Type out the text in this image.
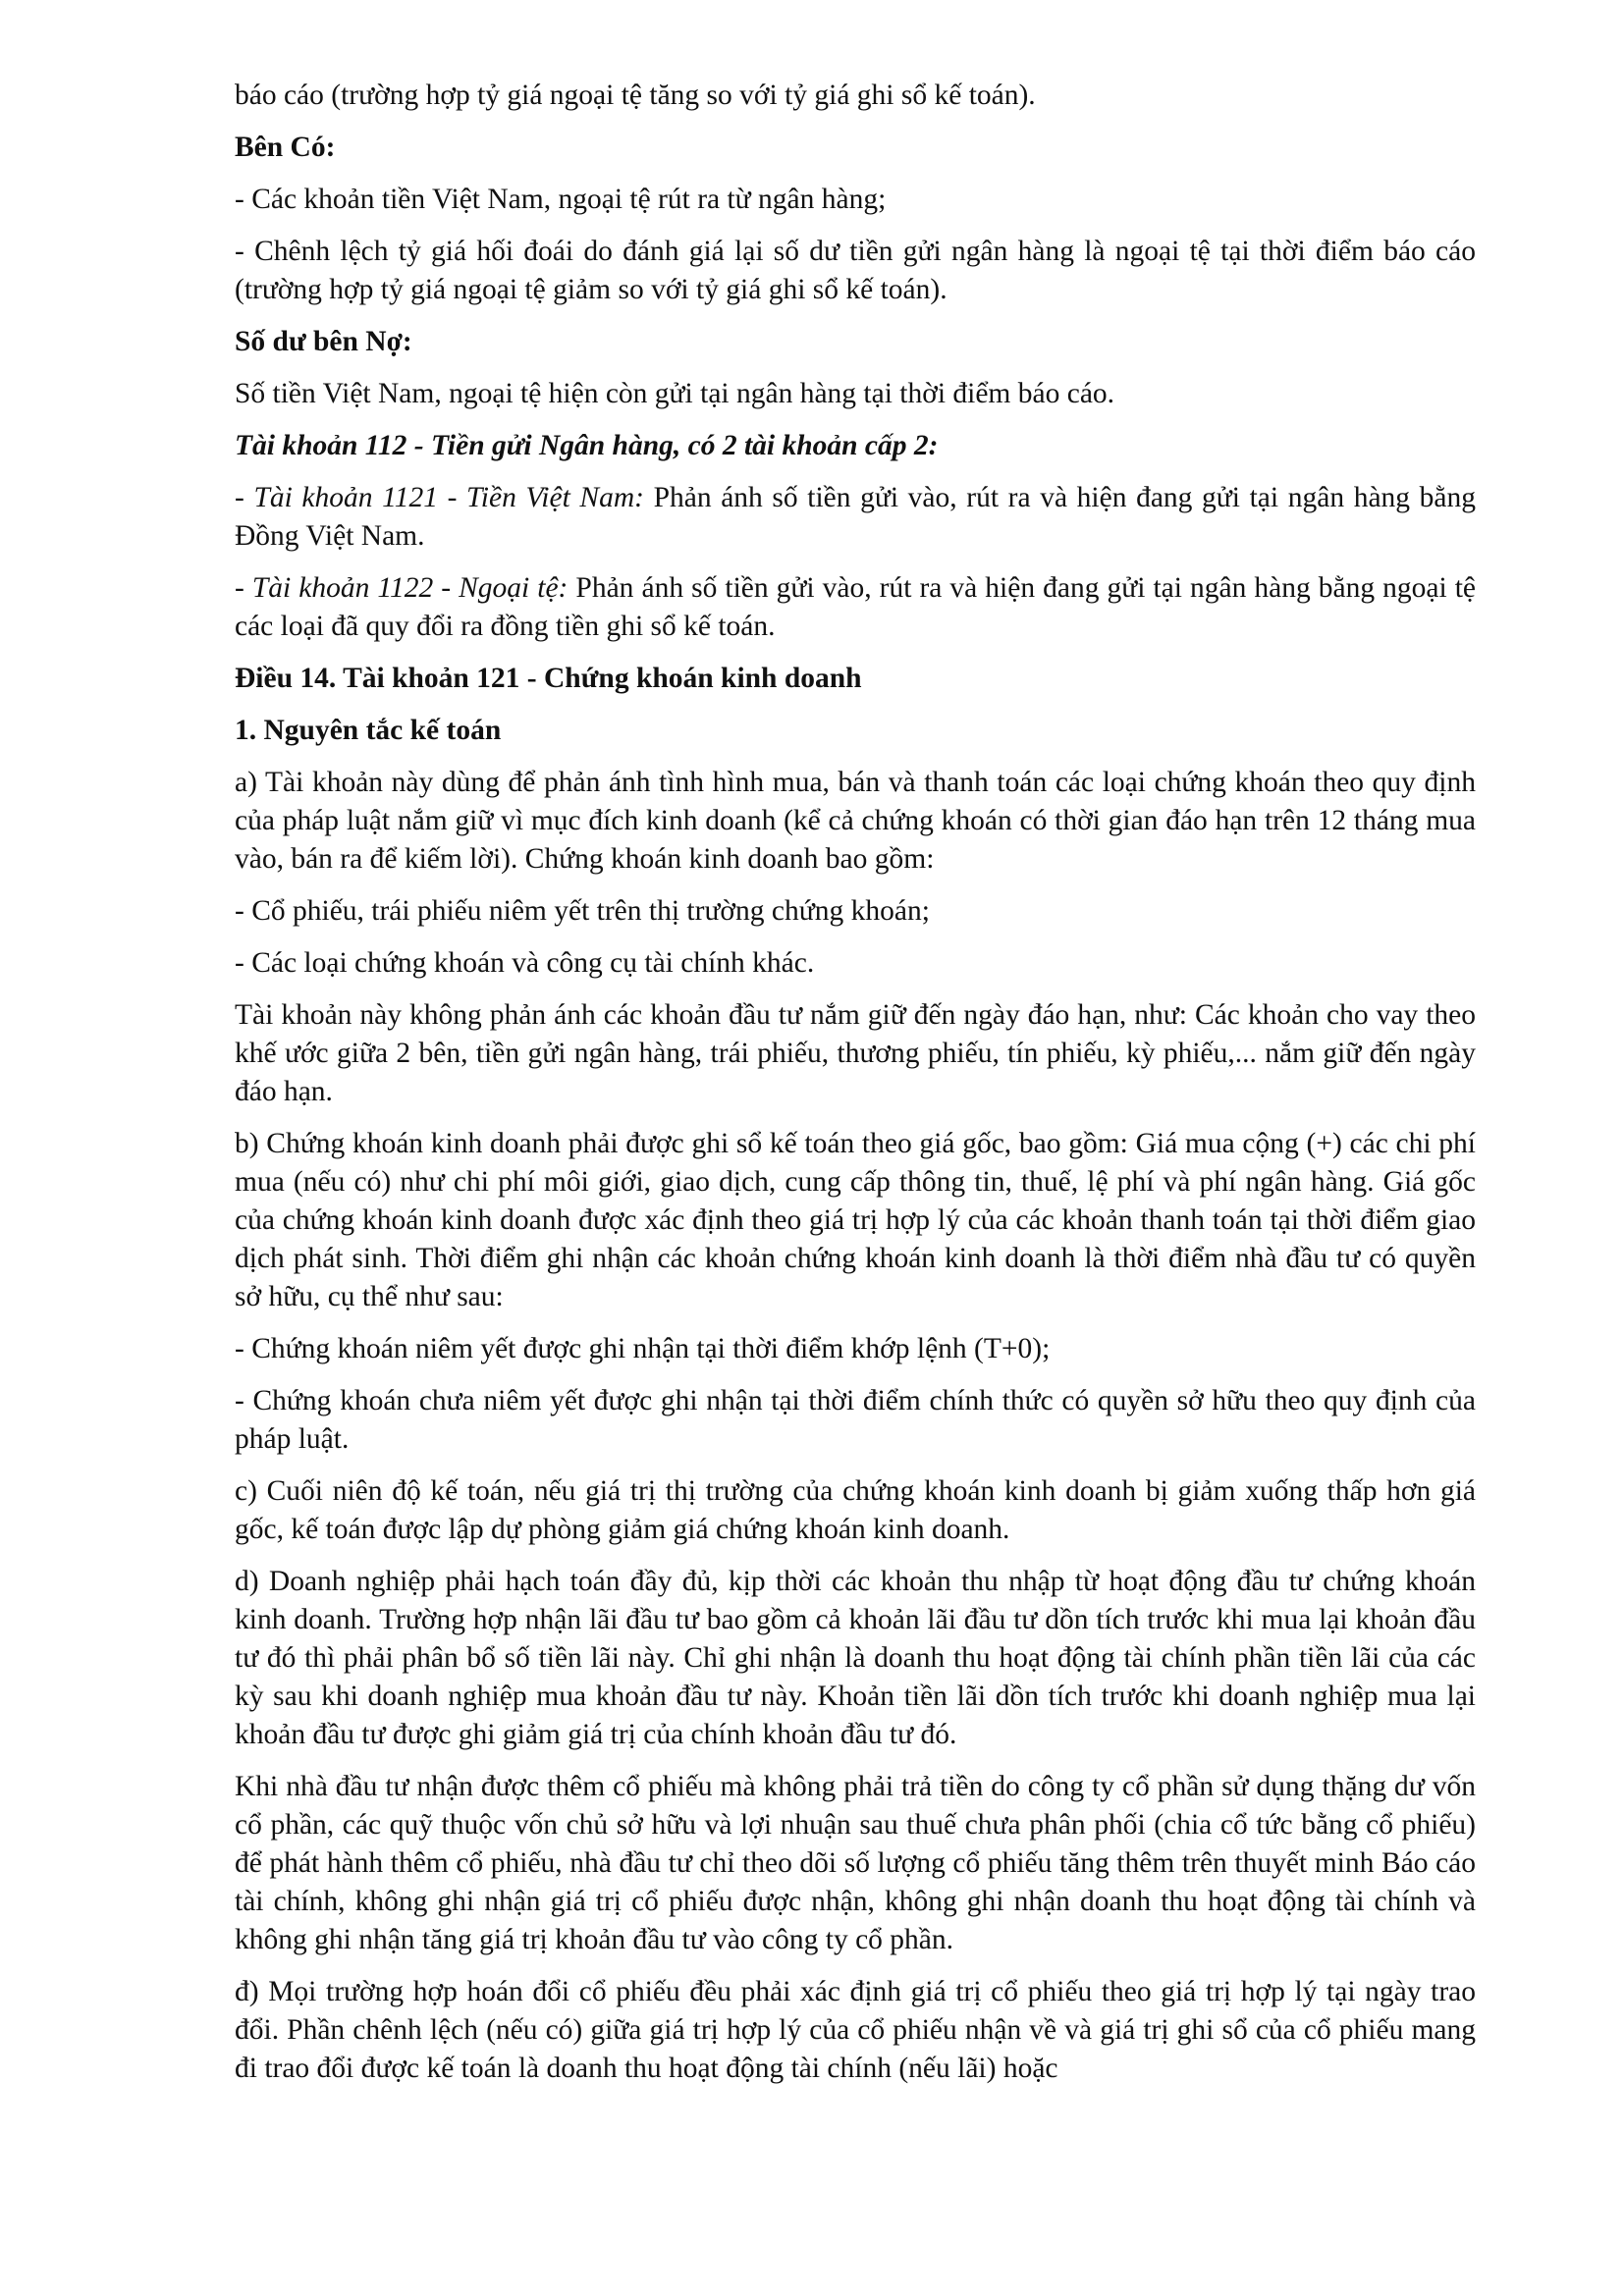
báo cáo (trường hợp tỷ giá ngoại tệ tăng so với tỷ giá ghi sổ kế toán).

Bên Có:

- Các khoản tiền Việt Nam, ngoại tệ rút ra từ ngân hàng;

- Chênh lệch tỷ giá hối đoái do đánh giá lại số dư tiền gửi ngân hàng là ngoại tệ tại thời điểm báo cáo (trường hợp tỷ giá ngoại tệ giảm so với tỷ giá ghi sổ kế toán).

Số dư bên Nợ:

Số tiền Việt Nam, ngoại tệ hiện còn gửi tại ngân hàng tại thời điểm báo cáo.

Tài khoản 112 - Tiền gửi Ngân hàng, có 2 tài khoản cấp 2:

- Tài khoản 1121 - Tiền Việt Nam: Phản ánh số tiền gửi vào, rút ra và hiện đang gửi tại ngân hàng bằng Đồng Việt Nam.

- Tài khoản 1122 - Ngoại tệ: Phản ánh số tiền gửi vào, rút ra và hiện đang gửi tại ngân hàng bằng ngoại tệ các loại đã quy đổi ra đồng tiền ghi sổ kế toán.

Điều 14. Tài khoản 121 - Chứng khoán kinh doanh

1. Nguyên tắc kế toán

a) Tài khoản này dùng để phản ánh tình hình mua, bán và thanh toán các loại chứng khoán theo quy định của pháp luật nắm giữ vì mục đích kinh doanh (kể cả chứng khoán có thời gian đáo hạn trên 12 tháng mua vào, bán ra để kiếm lời). Chứng khoán kinh doanh bao gồm:

- Cổ phiếu, trái phiếu niêm yết trên thị trường chứng khoán;

- Các loại chứng khoán và công cụ tài chính khác.

Tài khoản này không phản ánh các khoản đầu tư nắm giữ đến ngày đáo hạn, như: Các khoản cho vay theo khế ước giữa 2 bên, tiền gửi ngân hàng, trái phiếu, thương phiếu, tín phiếu, kỳ phiếu,... nắm giữ đến ngày đáo hạn.

b) Chứng khoán kinh doanh phải được ghi sổ kế toán theo giá gốc, bao gồm: Giá mua cộng (+) các chi phí mua (nếu có) như chi phí môi giới, giao dịch, cung cấp thông tin, thuế, lệ phí và phí ngân hàng. Giá gốc của chứng khoán kinh doanh được xác định theo giá trị hợp lý của các khoản thanh toán tại thời điểm giao dịch phát sinh. Thời điểm ghi nhận các khoản chứng khoán kinh doanh là thời điểm nhà đầu tư có quyền sở hữu, cụ thể như sau:

- Chứng khoán niêm yết được ghi nhận tại thời điểm khớp lệnh (T+0);

- Chứng khoán chưa niêm yết được ghi nhận tại thời điểm chính thức có quyền sở hữu theo quy định của pháp luật.

c) Cuối niên độ kế toán, nếu giá trị thị trường của chứng khoán kinh doanh bị giảm xuống thấp hơn giá gốc, kế toán được lập dự phòng giảm giá chứng khoán kinh doanh.

d) Doanh nghiệp phải hạch toán đầy đủ, kịp thời các khoản thu nhập từ hoạt động đầu tư chứng khoán kinh doanh. Trường hợp nhận lãi đầu tư bao gồm cả khoản lãi đầu tư dồn tích trước khi mua lại khoản đầu tư đó thì phải phân bổ số tiền lãi này. Chỉ ghi nhận là doanh thu hoạt động tài chính phần tiền lãi của các kỳ sau khi doanh nghiệp mua khoản đầu tư này. Khoản tiền lãi dồn tích trước khi doanh nghiệp mua lại khoản đầu tư được ghi giảm giá trị của chính khoản đầu tư đó.

Khi nhà đầu tư nhận được thêm cổ phiếu mà không phải trả tiền do công ty cổ phần sử dụng thặng dư vốn cổ phần, các quỹ thuộc vốn chủ sở hữu và lợi nhuận sau thuế chưa phân phối (chia cổ tức bằng cổ phiếu) để phát hành thêm cổ phiếu, nhà đầu tư chỉ theo dõi số lượng cổ phiếu tăng thêm trên thuyết minh Báo cáo tài chính, không ghi nhận giá trị cổ phiếu được nhận, không ghi nhận doanh thu hoạt động tài chính và không ghi nhận tăng giá trị khoản đầu tư vào công ty cổ phần.

đ) Mọi trường hợp hoán đổi cổ phiếu đều phải xác định giá trị cổ phiếu theo giá trị hợp lý tại ngày trao đổi. Phần chênh lệch (nếu có) giữa giá trị hợp lý của cổ phiếu nhận về và giá trị ghi sổ của cổ phiếu mang đi trao đổi được kế toán là doanh thu hoạt động tài chính (nếu lãi) hoặc
